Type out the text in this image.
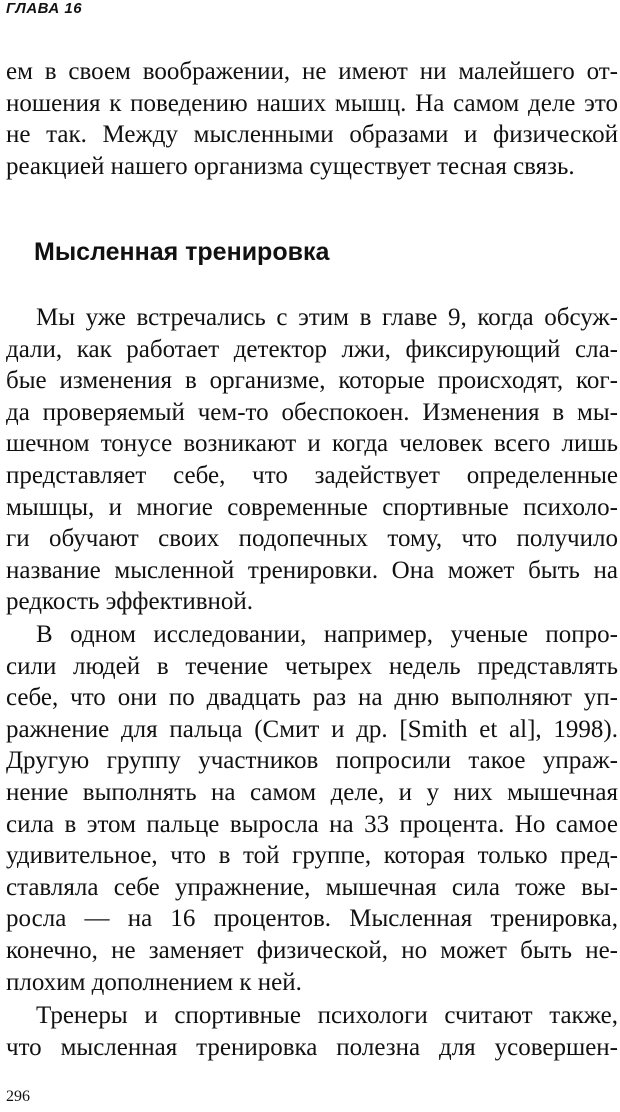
ГЛАВА 16
ем в своем воображении, не имеют ни малейшего от-
ношения к поведению наших мышц. На самом деле это
не так. Между мысленными образами и физической
реакцией нашего организма существует тесная связь.
Мысленная тренировка
Мы уже встречались с этим в главе 9, когда обсуж-
дали, как работает детектор лжи, фиксирующий сла-
бые изменения в организме, которые происходят, ког-
да проверяемый чем-то обеспокоен. Изменения в мы-
шечном тонусе возникают и когда человек всего лишь
представляет себе, что задействует определенные
мышцы, и многие современные спортивные психоло-
ги обучают своих подопечных тому, что получило
название мысленной тренировки. Она может быть на
редкость эффективной.
В одном исследовании, например, ученые попро-
сили людей в течение четырех недель представлять
себе, что они по двадцать раз на дню выполняют уп-
ражнение для пальца (Смит и др. [Smith et al], 1998).
Другую группу участников попросили такое упраж-
нение выполнять на самом деле, и у них мышечная
сила в этом пальце выросла на 33 процента. Но самое
удивительное, что в той группе, которая только пред-
ставляла себе упражнение, мышечная сила тоже вы-
росла — на 16 процентов. Мысленная тренировка,
конечно, не заменяет физической, но может быть не-
плохим дополнением к ней.
Тренеры и спортивные психологи считают также,
что мысленная тренировка полезна для усовершен-
296
